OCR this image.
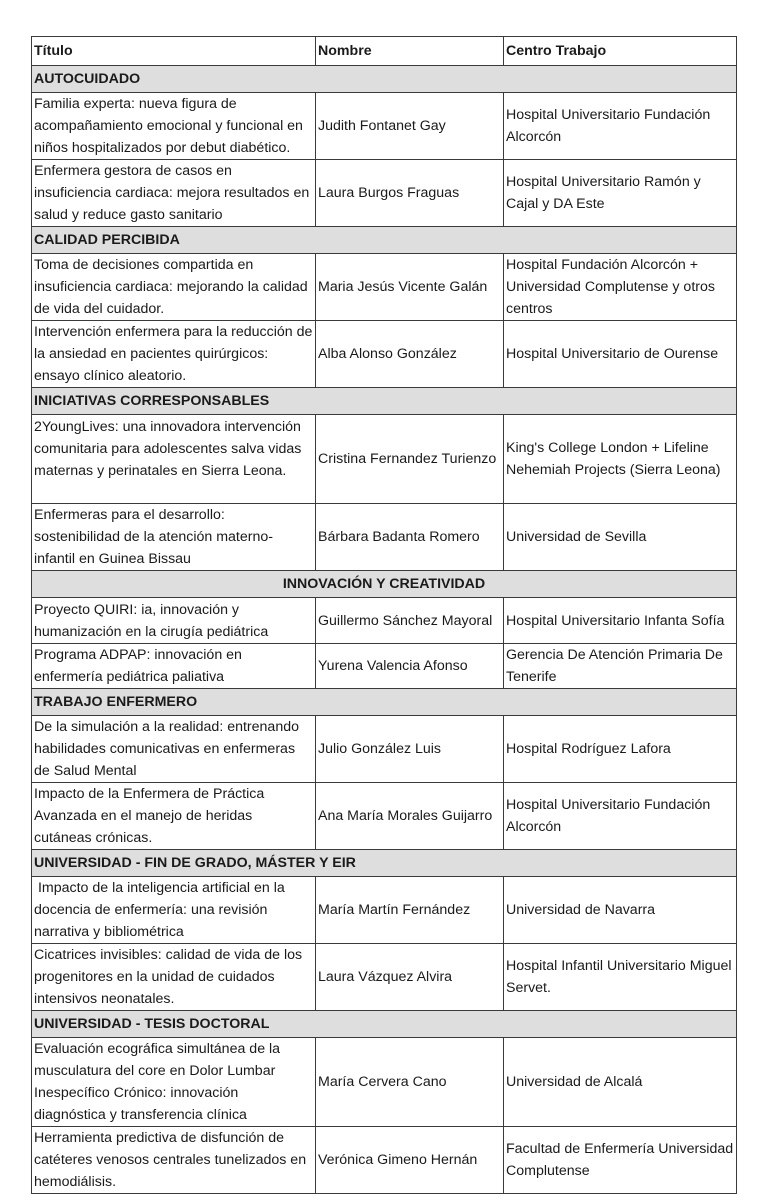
Título	Nombre	Centro Trabajo
AUTOCUIDADO		
Familia experta: nueva figura de acompañamiento emocional y funcional en niños hospitalizados por debut diabético.	Judith Fontanet Gay	Hospital Universitario Fundación Alcorcón
Enfermera gestora de casos en insuficiencia cardiaca: mejora resultados en salud y reduce gasto sanitario	Laura Burgos Fraguas	Hospital Universitario Ramón y Cajal y DA Este
CALIDAD PERCIBIDA		
Toma de decisiones compartida en insuficiencia cardiaca: mejorando la calidad de vida del cuidador.	Maria Jesús Vicente Galán	Hospital Fundación Alcorcón + Universidad Complutense y otros centros
Intervención enfermera para la reducción de la ansiedad en pacientes quirúrgicos: ensayo clínico aleatorio.	Alba Alonso González	Hospital Universitario de Ourense
INICIATIVAS CORRESPONSABLES		
2YoungLives: una innovadora intervención comunitaria para adolescentes salva vidas maternas y perinatales en Sierra Leona.	Cristina Fernandez Turienzo	King's College London + Lifeline Nehemiah Projects (Sierra Leona)
Enfermeras para el desarrollo: sostenibilidad de la atención materno-infantil en Guinea Bissau	Bárbara Badanta Romero	Universidad de Sevilla
INNOVACIÓN Y CREATIVIDAD		
Proyecto QUIRI: ia, innovación y humanización en la cirugía pediátrica	Guillermo Sánchez Mayoral	Hospital Universitario Infanta Sofía
Programa ADPAP: innovación en enfermería pediátrica paliativa	Yurena Valencia Afonso	Gerencia De Atención Primaria De Tenerife
TRABAJO ENFERMERO		
De la simulación a la realidad: entrenando habilidades comunicativas en enfermeras de Salud Mental	Julio González Luis	Hospital Rodríguez Lafora
Impacto de la Enfermera de Práctica Avanzada en el manejo de heridas cutáneas crónicas.	Ana María Morales Guijarro	Hospital Universitario Fundación Alcorcón
UNIVERSIDAD - FIN DE GRADO, MÁSTER Y EIR		
Impacto de la inteligencia artificial en la docencia de enfermería: una revisión narrativa y bibliométrica	María Martín Fernández	Universidad de Navarra
Cicatrices invisibles: calidad de vida de los progenitores en la unidad de cuidados intensivos neonatales.	Laura Vázquez Alvira	Hospital Infantil Universitario Miguel Servet.
UNIVERSIDAD - TESIS DOCTORAL		
Evaluación ecográfica simultánea de la musculatura del core en Dolor Lumbar Inespecífico Crónico: innovación diagnóstica y transferencia clínica	María Cervera Cano	Universidad de Alcalá
Herramienta predictiva de disfunción de catéteres venosos centrales tunelizados en hemodiálisis.	Verónica Gimeno Hernán	Facultad de Enfermería Universidad Complutense
